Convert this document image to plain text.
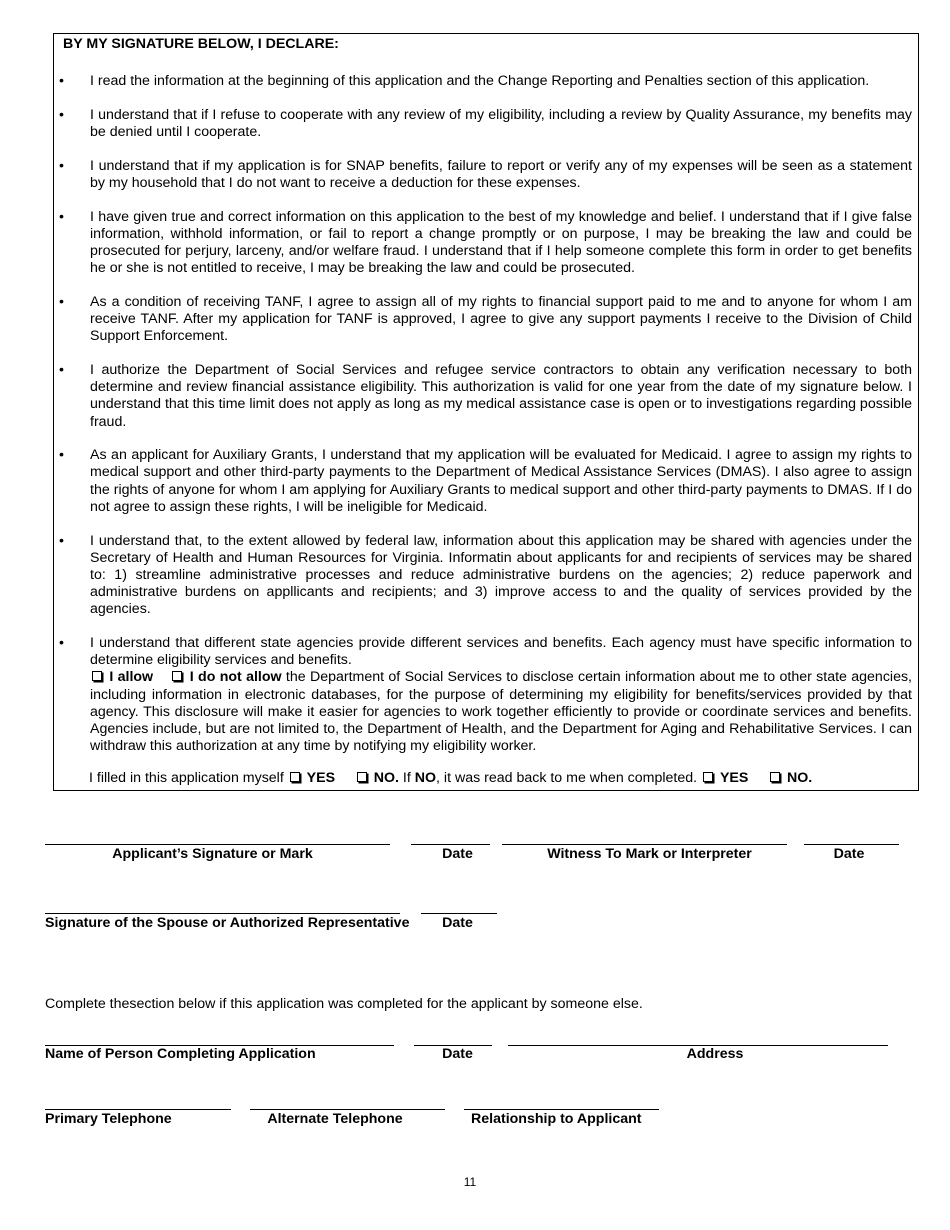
BY MY SIGNATURE BELOW, I DECLARE:
• I read the information at the beginning of this application and the Change Reporting and Penalties section of this application.
• I understand that if I refuse to cooperate with any review of my eligibility, including a review by Quality Assurance, my benefits may be denied until I cooperate.
• I understand that if my application is for SNAP benefits, failure to report or verify any of my expenses will be seen as a statement by my household that I do not want to receive a deduction for these expenses.
• I have given true and correct information on this application to the best of my knowledge and belief. I understand that if I give false information, withhold information, or fail to report a change promptly or on purpose, I may be breaking the law and could be prosecuted for perjury, larceny, and/or welfare fraud. I understand that if I help someone complete this form in order to get benefits he or she is not entitled to receive, I may be breaking the law and could be prosecuted.
• As a condition of receiving TANF, I agree to assign all of my rights to financial support paid to me and to anyone for whom I am receive TANF. After my application for TANF is approved, I agree to give any support payments I receive to the Division of Child Support Enforcement.
• I authorize the Department of Social Services and refugee service contractors to obtain any verification necessary to both determine and review financial assistance eligibility. This authorization is valid for one year from the date of my signature below. I understand that this time limit does not apply as long as my medical assistance case is open or to investigations regarding possible fraud.
• As an applicant for Auxiliary Grants, I understand that my application will be evaluated for Medicaid. I agree to assign my rights to medical support and other third-party payments to the Department of Medical Assistance Services (DMAS). I also agree to assign the rights of anyone for whom I am applying for Auxiliary Grants to medical support and other third-party payments to DMAS. If I do not agree to assign these rights, I will be ineligible for Medicaid.
• I understand that, to the extent allowed by federal law, information about this application may be shared with agencies under the Secretary of Health and Human Resources for Virginia. Informatin about applicants for and recipients of services may be shared to: 1) streamline administrative processes and reduce administrative burdens on the agencies; 2) reduce paperwork and administrative burdens on appllicants and recipients; and 3) improve access to and the quality of services provided by the agencies.
• I understand that different state agencies provide different services and benefits. Each agency must have specific information to determine eligibility services and benefits.
I allow	I do not allow the Department of Social Services to disclose certain information about me to other state agencies, including information in electronic databases, for the purpose of determining my eligibility for benefits/services provided by that agency. This disclosure will make it easier for agencies to work together efficiently to provide or coordinate services and benefits. Agencies include, but are not limited to, the Department of Health, and the Department for Aging and Rehabilitative Services. I can withdraw this authorization at any time by notifying my eligibility worker.
I filled in this application myself  YES	NO. If NO, it was read back to me when completed.  YES	NO.
Applicant’s Signature or Mark	Date	Witness To Mark or Interpreter	Date
Signature of the Spouse or Authorized Representative	Date
Complete thesection below if this application was completed for the applicant by someone else.
Name of Person Completing Application	Date	Address
Primary Telephone	Alternate Telephone	Relationship to Applicant
11
